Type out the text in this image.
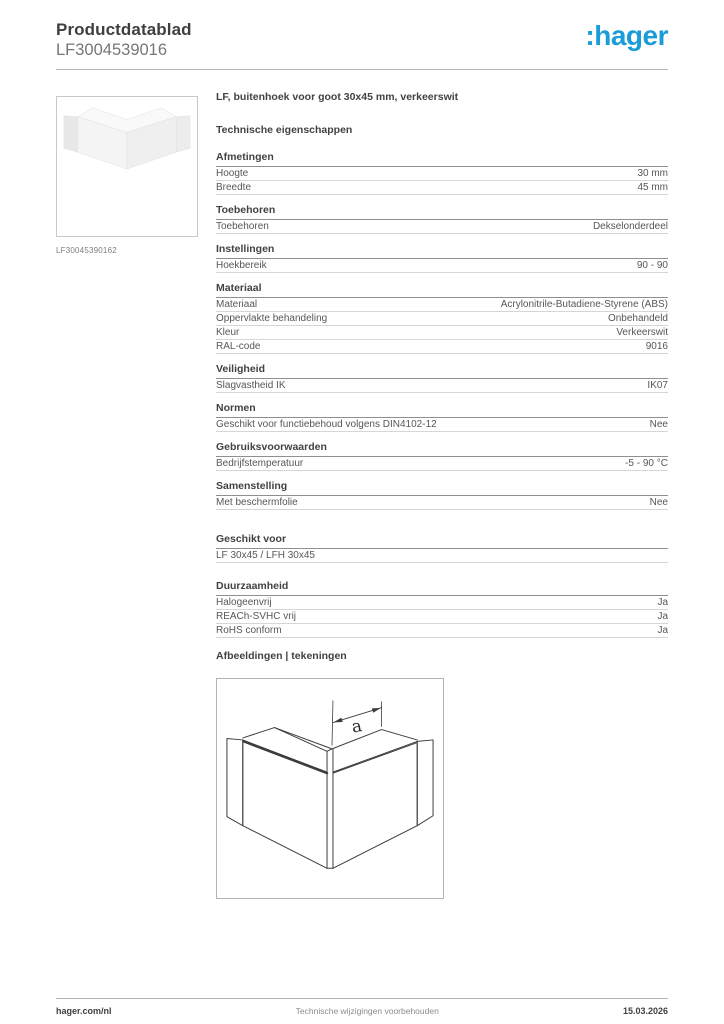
Productdatablad
LF3004539016	:hager
LF30045390162
LF, buitenhoek voor goot 30x45 mm, verkeerswit
Technische eigenschappen
Afmetingen
Hoogte	30 mm
Breedte	45 mm
Toebehoren
Toebehoren	Dekselonderdeel
Instellingen
Hoekbereik	90 - 90
Materiaal
Materiaal	Acrylonitrile-Butadiene-Styrene (ABS)
Oppervlakte behandeling	Onbehandeld
Kleur	Verkeerswit
RAL-code	9016
Veiligheid
Slagvastheid IK	IK07
Normen
Geschikt voor functiebehoud volgens DIN4102-12	Nee
Gebruiksvoorwaarden
Bedrijfstemperatuur	-5 - 90 °C
Samenstelling
Met beschermfolie	Nee
Geschikt voor
LF 30x45 / LFH 30x45
Duurzaamheid
Halogeenvrij	Ja
REACh-SVHC vrij	Ja
RoHS conform	Ja
Afbeeldingen | tekeningen
a
hager.com/nl	Technische wijzigingen voorbehouden	15.03.2026
